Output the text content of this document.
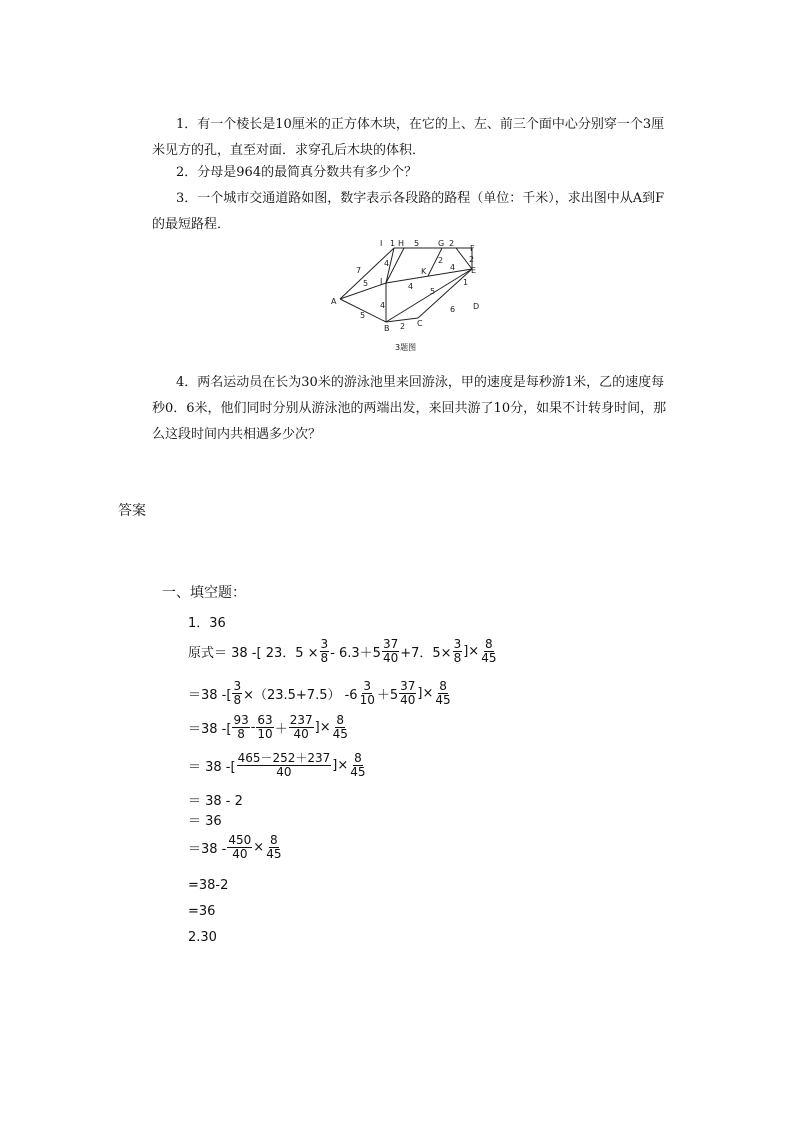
1．有一个棱长是10厘米的正方体木块，在它的上、左、前三个面中心分别穿一个3厘
米见方的孔，直至对面．求穿孔后木块的体积．
2．分母是964的最简真分数共有多少个？
3．一个城市交通道路如图，数字表示各段路的路程（单位：千米），求出图中从A到F
的最短路程．
I 1 H	G
F
J
K	E
A
B
C
D
5	2
2
7
4	2
4
5	4
5
1
4	6
5
2
3题图
4．两名运动员在长为30米的游泳池里来回游泳，甲的速度是每秒游1米，乙的速度每
秒0．6米，他们同时分别从游泳池的两端出发，来回共游了10分，如果不计转身时间，那
么这段时间内共相遇多少次？
答案
一、填空题：
1．36
原式＝ 38 -[ 23．$5 \times \frac{3}{8} - 6.3+5 \frac{37}{40} +7$．$5\times \frac{3}{8}$ ]× $\frac{8}{45}$
＝38 -[ $\frac{3}{8} \times(23.5+7.5)$ $-6 \frac{3}{10} +5 \frac{37}{40}$ ]× $\frac{8}{45}$
＝38 -[ $\frac{93}{8} - \frac{63}{10} + \frac{237}{40}$ ]× $\frac{8}{45}$
＝ 38 -[ $\frac{465-252+237}{40}$ ]× $\frac{8}{45}$
＝ 38 - 2
＝ 36
$=38 - \frac{450}{40} \times \frac{8}{45}$
=38-2
=36
2.30
